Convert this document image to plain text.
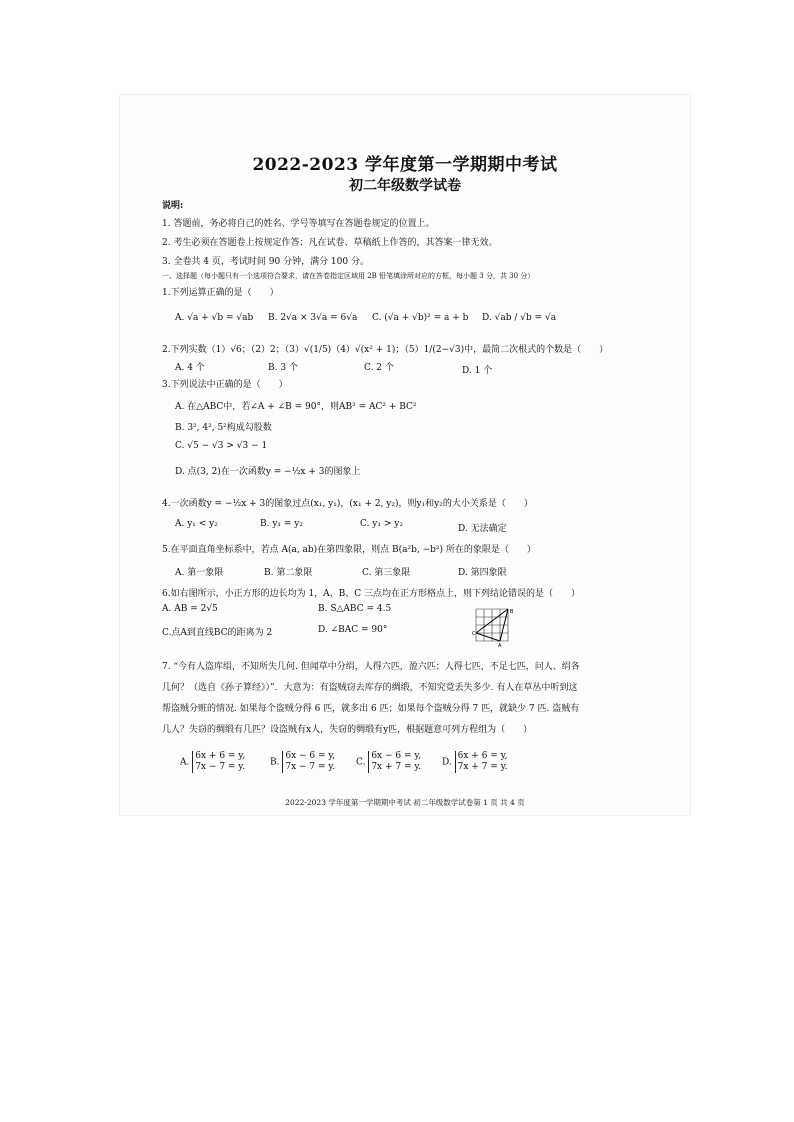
2022-2023 学年度第一学期期中考试
初二年级数学试卷
说明:
1. 答题前，务必将自己的姓名、学号等填写在答题卷规定的位置上。
2. 考生必须在答题卷上按规定作答；凡在试卷、草稿纸上作答的，其答案一律无效。
3. 全卷共 4 页，考试时间 90 分钟，满分 100 分。
一、选择题（每小题只有一个选项符合要求，请在答卷指定区域用 2B 铅笔填涂所对应的方框，每小题 3 分，共 30 分）
1.下列运算正确的是（　　）
A. √a + √b = √ab B. 2√a × 3√a = 6√a C. (√a + √b)² = a + b D. √ab / √b = √a
2.下列实数（1）√6；（2）2；（3）√(1/5)（4）√(x² + 1)；（5）1/(2−√3)中，最简二次根式的个数是（　　）
A. 4 个	B. 3 个	C. 2 个	D. 1 个
3.下列说法中正确的是（　　）
A. 在△ABC中，若∠A + ∠B = 90°，则AB² = AC² + BC²
B. 3², 4², 5²构成勾股数
C. √5 − √3 > √3 − 1
D. 点(3, 2)在一次函数y = −½x + 3的图象上
4.一次函数y = −½x + 3的图象过点(x₁, y₁)，(x₁ + 2, y₂)，则y₁和y₂的大小关系是（　　）
A. y₁ < y₂	B. y₁ = y₂	C. y₁ > y₂	D. 无法确定
5.在平面直角坐标系中，若点 A(a, ab)在第四象限，则点 B(a²b, −b²) 所在的象限是（　　）
A. 第一象限	B. 第二象限	C. 第三象限	D. 第四象限
6.如右图所示，小正方形的边长均为 1，A、B、C 三点均在正方形格点上，则下列结论错误的是（　　）
A. AB = 2√5	B. S△ABC = 4.5
C.点A到直线BC的距离为 2	D. ∠BAC = 90°
B
C
A
7. “今有人盗库绢，不知所失几何. 但闻草中分绢，人得六匹，盈六匹；人得七匹，不足七匹，问人、绢各几何？（选自《孙子算经》）”．大意为：有盗贼窃去库存的绸缎，不知究竟丢失多少. 有人在草丛中听到这帮盗贼分赃的情况. 如果每个盗贼分得 6 匹，就多出 6 匹；如果每个盗贼分得 7 匹，就缺少 7 匹. 盗贼有几人？失窃的绸缎有几匹？设盗贼有x人，失窃的绸缎有y匹，根据题意可列方程组为（　　）
A.
6x + 6 = y,
7x − 7 = y.	B.
6x − 6 = y,
7x − 7 = y. C.
6x − 6 = y,
7x + 7 = y. D.
6x + 6 = y,
7x + 7 = y.
2022-2023 学年度第一学期期中考试 初二年级数学试卷第 1 页 共 4 页
